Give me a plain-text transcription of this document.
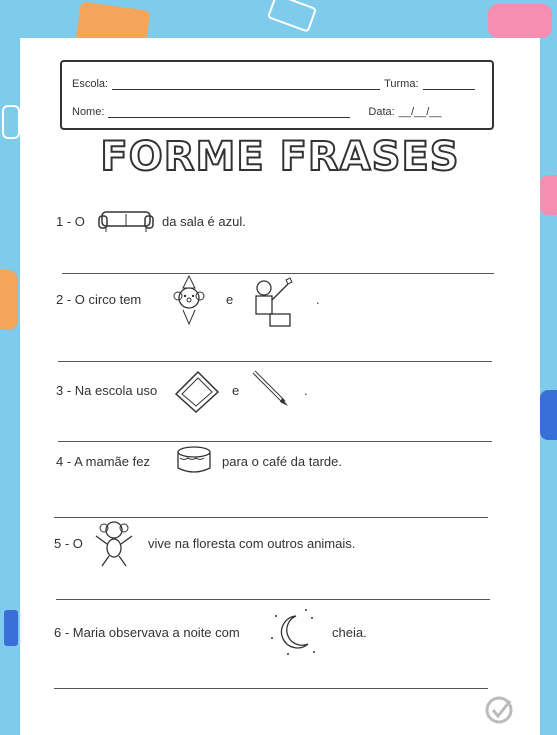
Escola:	Turma:
Nome:	Data: __/__/__
FORME FRASES
1 - O	da sala é azul.
2 - O circo tem	e	.
3 - Na escola uso	e	.
4 - A mamãe fez	para o café da tarde.
5 - O	vive na floresta com outros animais.
6 - Maria observava a noite com	cheia.
